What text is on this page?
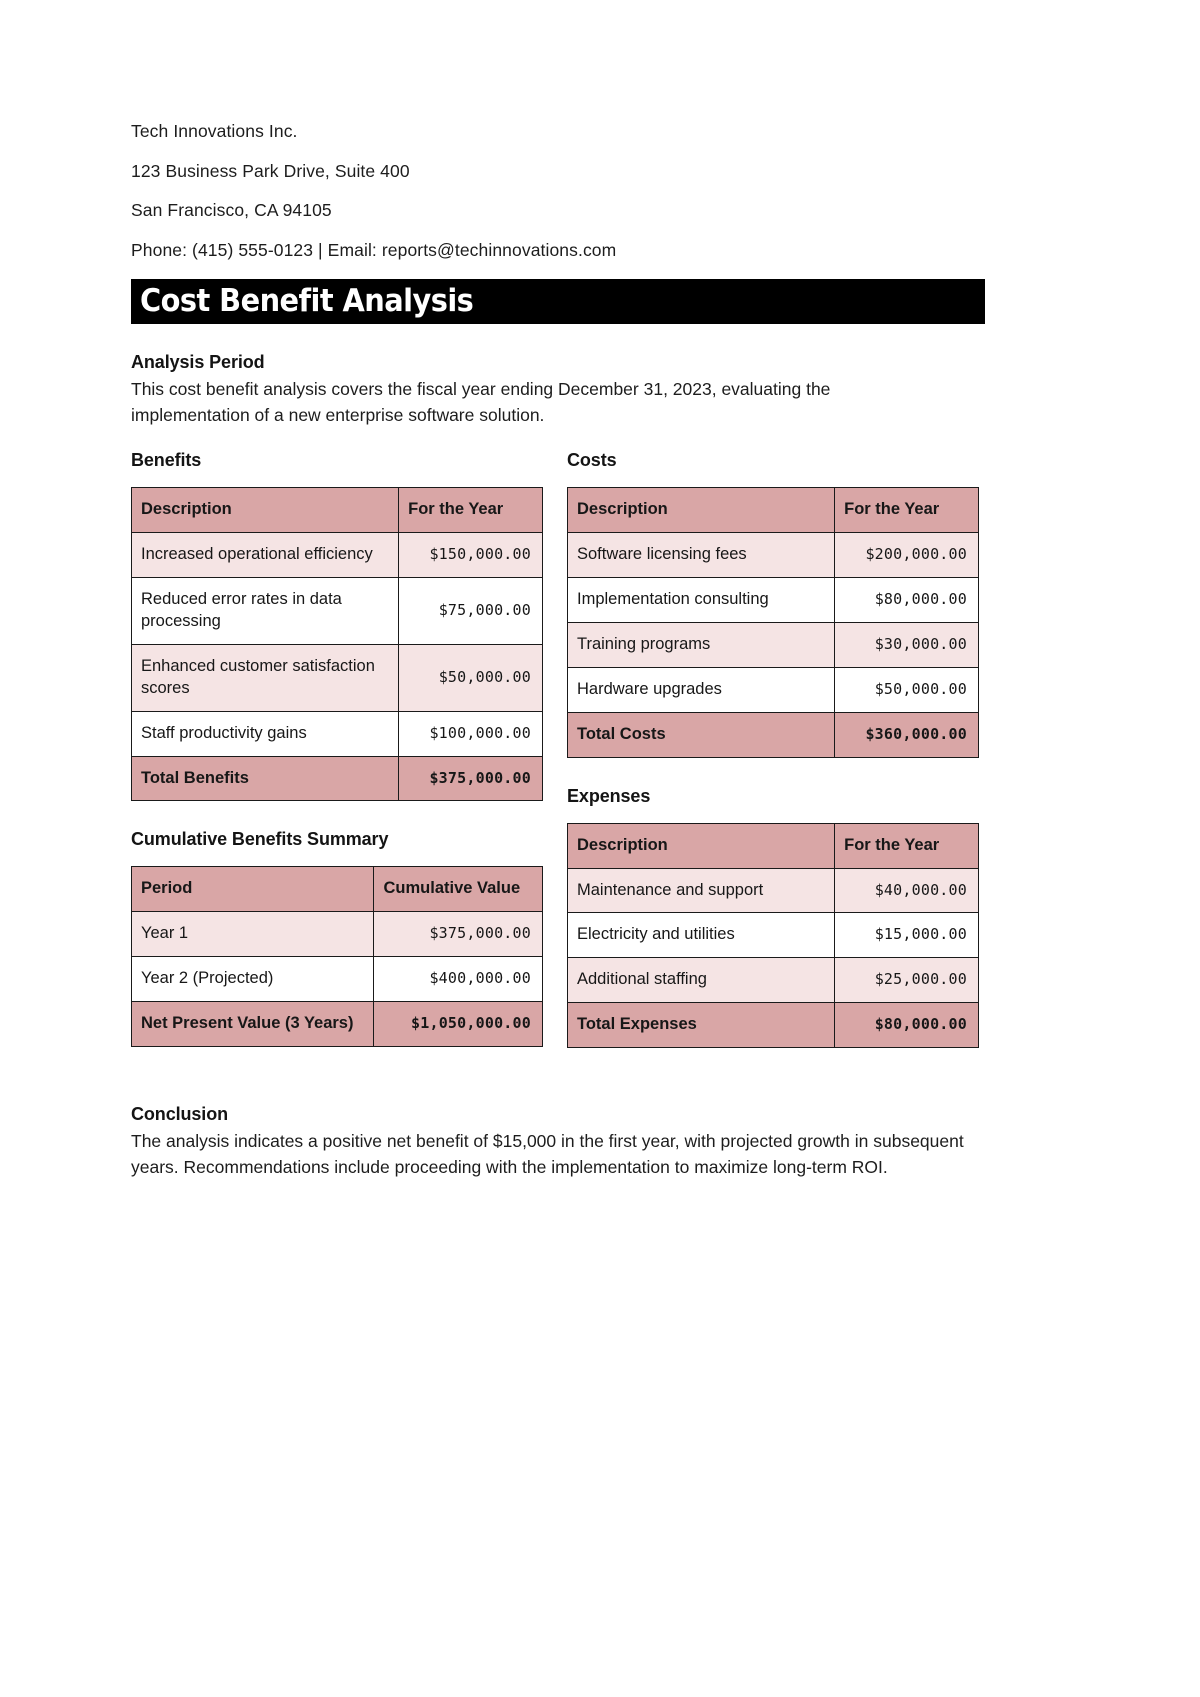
Tech Innovations Inc.

123 Business Park Drive, Suite 400

San Francisco, CA 94105

Phone: (415) 555-0123 | Email: reports@techinnovations.com

Cost Benefit Analysis
Analysis Period

This cost benefit analysis covers the fiscal year ending December 31, 2023, evaluating the implementation of a new enterprise software solution.

Benefits
Description	For the Year
Increased operational efficiency	$150,000.00
Reduced error rates in data processing	$75,000.00
Enhanced customer satisfaction scores	$50,000.00
Staff productivity gains	$100,000.00
Total Benefits	$375,000.00
Cumulative Benefits Summary
Period	Cumulative Value
Year 1	$375,000.00
Year 2 (Projected)	$400,000.00
Net Present Value (3 Years)	$1,050,000.00
Costs
Description	For the Year
Software licensing fees	$200,000.00
Implementation consulting	$80,000.00
Training programs	$30,000.00
Hardware upgrades	$50,000.00
Total Costs	$360,000.00
Expenses
Description	For the Year
Maintenance and support	$40,000.00
Electricity and utilities	$15,000.00
Additional staffing	$25,000.00
Total Expenses	$80,000.00
Conclusion

The analysis indicates a positive net benefit of $15,000 in the first year, with projected growth in subsequent years. Recommendations include proceeding with the implementation to maximize long-term ROI.
